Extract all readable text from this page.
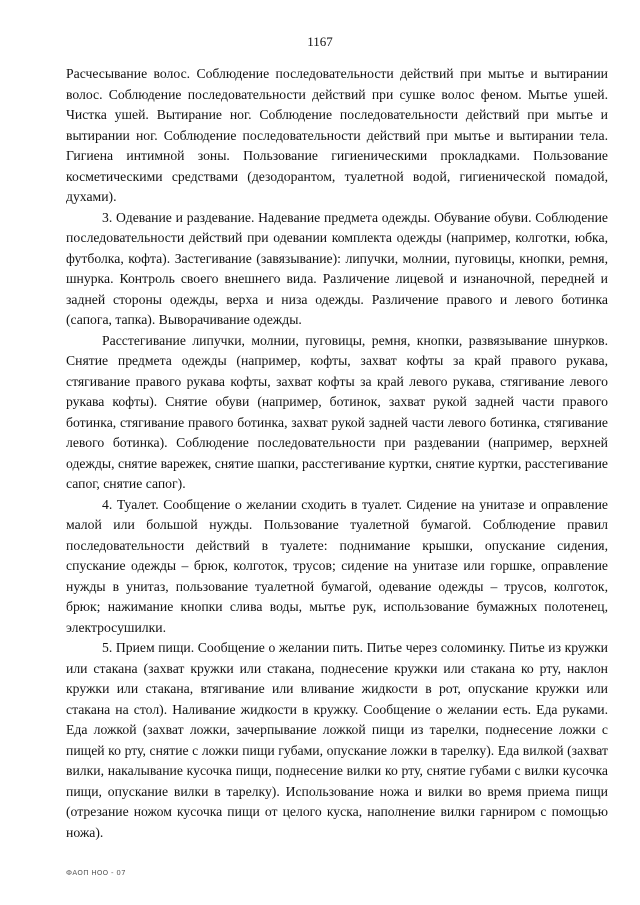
1167

Расчесывание волос. Соблюдение последовательности действий при мытье и вытирании волос. Соблюдение последовательности действий при сушке волос феном. Мытье ушей. Чистка ушей. Вытирание ног. Соблюдение последовательности действий при мытье и вытирании ног. Соблюдение последовательности действий при мытье и вытирании тела. Гигиена интимной зоны. Пользование гигиеническими прокладками. Пользование косметическими средствами (дезодорантом, туалетной водой, гигиенической помадой, духами).

3. Одевание и раздевание. Надевание предмета одежды. Обувание обуви. Соблюдение последовательности действий при одевании комплекта одежды (например, колготки, юбка, футболка, кофта). Застегивание (завязывание): липучки, молнии, пуговицы, кнопки, ремня, шнурка. Контроль своего внешнего вида. Различение лицевой и изнаночной, передней и задней стороны одежды, верха и низа одежды. Различение правого и левого ботинка (сапога, тапка). Выворачивание одежды.

Расстегивание липучки, молнии, пуговицы, ремня, кнопки, развязывание шнурков. Снятие предмета одежды (например, кофты, захват кофты за край правого рукава, стягивание правого рукава кофты, захват кофты за край левого рукава, стягивание левого рукава кофты). Снятие обуви (например, ботинок, захват рукой задней части правого ботинка, стягивание правого ботинка, захват рукой задней части левого ботинка, стягивание левого ботинка). Соблюдение последовательности при раздевании (например, верхней одежды, снятие варежек, снятие шапки, расстегивание куртки, снятие куртки, расстегивание сапог, снятие сапог).

4. Туалет. Сообщение о желании сходить в туалет. Сидение на унитазе и оправление малой или большой нужды. Пользование туалетной бумагой. Соблюдение правил последовательности действий в туалете: поднимание крышки, опускание сидения, спускание одежды – брюк, колготок, трусов; сидение на унитазе или горшке, оправление нужды в унитаз, пользование туалетной бумагой, одевание одежды – трусов, колготок, брюк; нажимание кнопки слива воды, мытье рук, использование бумажных полотенец, электросушилки.

5. Прием пищи. Сообщение о желании пить. Питье через соломинку. Питье из кружки или стакана (захват кружки или стакана, поднесение кружки или стакана ко рту, наклон кружки или стакана, втягивание или вливание жидкости в рот, опускание кружки или стакана на стол). Наливание жидкости в кружку. Сообщение о желании есть. Еда руками. Еда ложкой (захват ложки, зачерпывание ложкой пищи из тарелки, поднесение ложки с пищей ко рту, снятие с ложки пищи губами, опускание ложки в тарелку). Еда вилкой (захват вилки, накалывание кусочка пищи, поднесение вилки ко рту, снятие губами с вилки кусочка пищи, опускание вилки в тарелку). Использование ножа и вилки во время приема пищи (отрезание ножом кусочка пищи от целого куска, наполнение вилки гарниром с помощью ножа).

ФАОП НОО - 07
